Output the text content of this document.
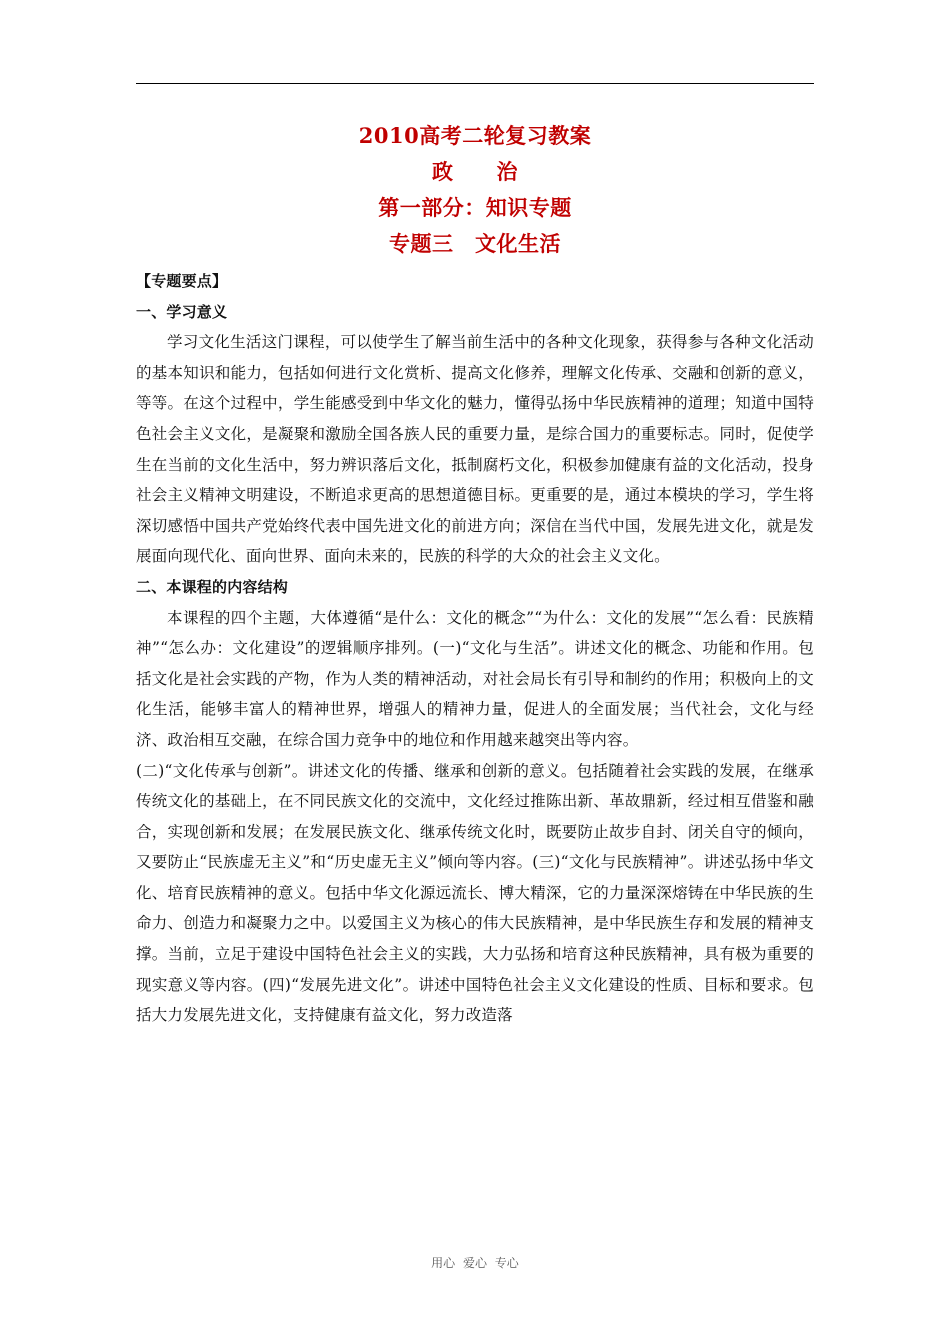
2010高考二轮复习教案
政　　治
第一部分：知识专题
专题三　文化生活
【专题要点】
一、学习意义

学习文化生活这门课程，可以使学生了解当前生活中的各种文化现象，获得参与各种文化活动的基本知识和能力，包括如何进行文化赏析、提高文化修养，理解文化传承、交融和创新的意义，等等。在这个过程中，学生能感受到中华文化的魅力，懂得弘扬中华民族精神的道理；知道中国特色社会主义文化，是凝聚和激励全国各族人民的重要力量，是综合国力的重要标志。同时，促使学生在当前的文化生活中，努力辨识落后文化，抵制腐朽文化，积极参加健康有益的文化活动，投身社会主义精神文明建设，不断追求更高的思想道德目标。更重要的是，通过本模块的学习，学生将深切感悟中国共产党始终代表中国先进文化的前进方向；深信在当代中国，发展先进文化，就是发展面向现代化、面向世界、面向未来的，民族的科学的大众的社会主义文化。

二、本课程的内容结构

本课程的四个主题，大体遵循“是什么：文化的概念”“为什么：文化的发展”“怎么看：民族精神”“怎么办：文化建设”的逻辑顺序排列。(一)“文化与生活”。讲述文化的概念、功能和作用。包括文化是社会实践的产物，作为人类的精神活动，对社会局长有引导和制约的作用；积极向上的文化生活，能够丰富人的精神世界，增强人的精神力量，促进人的全面发展；当代社会，文化与经济、政治相互交融，在综合国力竞争中的地位和作用越来越突出等内容。

(二)“文化传承与创新”。讲述文化的传播、继承和创新的意义。包括随着社会实践的发展，在继承传统文化的基础上，在不同民族文化的交流中，文化经过推陈出新、革故鼎新，经过相互借鉴和融合，实现创新和发展；在发展民族文化、继承传统文化时，既要防止故步自封、闭关自守的倾向，又要防止“民族虚无主义”和“历史虚无主义”倾向等内容。(三)“文化与民族精神”。讲述弘扬中华文化、培育民族精神的意义。包括中华文化源远流长、博大精深，它的力量深深熔铸在中华民族的生命力、创造力和凝聚力之中。以爱国主义为核心的伟大民族精神，是中华民族生存和发展的精神支撑。当前，立足于建设中国特色社会主义的实践，大力弘扬和培育这种民族精神，具有极为重要的现实意义等内容。(四)“发展先进文化”。讲述中国特色社会主义文化建设的性质、目标和要求。包括大力发展先进文化，支持健康有益文化，努力改造落

用心 爱心 专心
